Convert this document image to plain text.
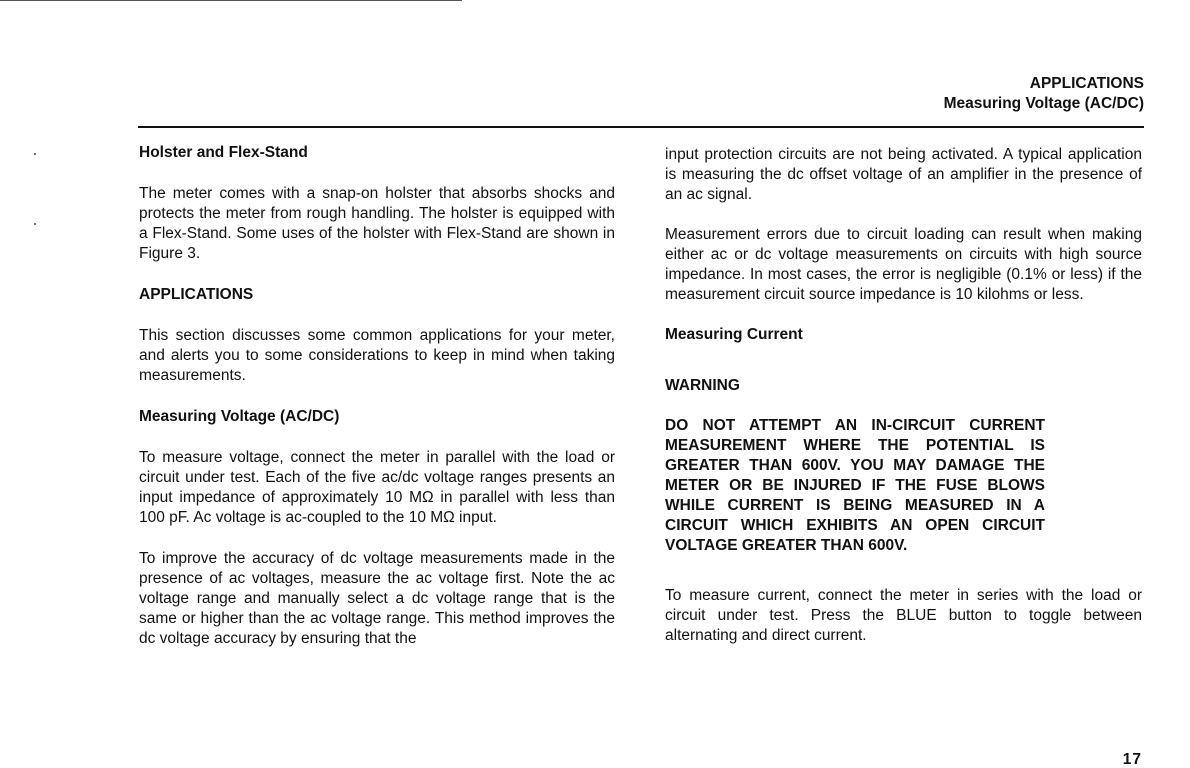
APPLICATIONS
Measuring Voltage (AC/DC)
Holster and Flex-Stand

The meter comes with a snap-on holster that absorbs shocks and protects the meter from rough handling. The holster is equipped with a Flex-Stand. Some uses of the holster with Flex-Stand are shown in Figure 3.

APPLICATIONS

This section discusses some common applications for your meter, and alerts you to some considerations to keep in mind when taking measurements.

Measuring Voltage (AC/DC)

To measure voltage, connect the meter in parallel with the load or circuit under test. Each of the five ac/dc voltage ranges presents an input impedance of approximately 10 MΩ in parallel with less than 100 pF. Ac voltage is ac-coupled to the 10 MΩ input.

To improve the accuracy of dc voltage measurements made in the presence of ac voltages, measure the ac voltage first. Note the ac voltage range and manually select a dc voltage range that is the same or higher than the ac voltage range. This method improves the dc voltage accuracy by ensuring that the

input protection circuits are not being activated. A typical application is measuring the dc offset voltage of an amplifier in the presence of an ac signal.

Measurement errors due to circuit loading can result when making either ac or dc voltage measurements on circuits with high source impedance. In most cases, the error is negligible (0.1% or less) if the measurement circuit source impedance is 10 kilohms or less.

Measuring Current

WARNING

DO NOT ATTEMPT AN IN-CIRCUIT CURRENT MEASUREMENT WHERE THE POTENTIAL IS GREATER THAN 600V. YOU MAY DAMAGE THE METER OR BE INJURED IF THE FUSE BLOWS WHILE CURRENT IS BEING MEASURED IN A CIRCUIT WHICH EXHIBITS AN OPEN CIRCUIT VOLTAGE GREATER THAN 600V.

To measure current, connect the meter in series with the load or circuit under test. Press the BLUE button to toggle between alternating and direct current.

17
